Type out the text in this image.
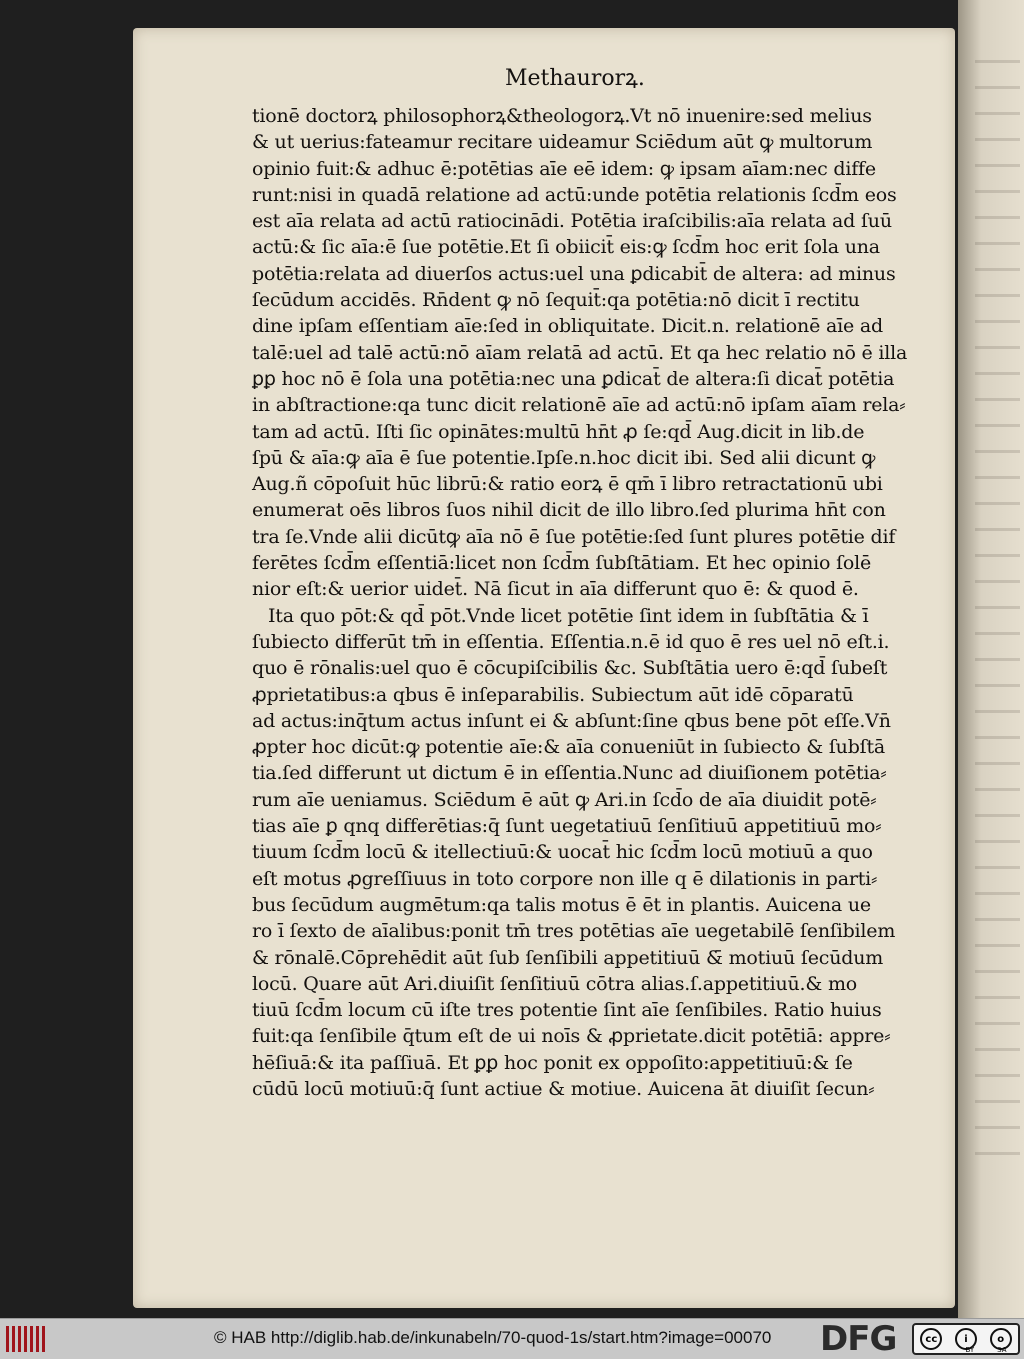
Methaurorꝝ.
tionē doctorꝝ philosophorꝝ&theologorꝝ.Vt nō inuenire:sed melius
& ut uerius:fateamur recitare uideamur Sciēdum aūt ꝙ multorum
opinio fuit:& adhuc ē:potētias aīe eē idem: ꝙ ipsam aīam:nec diffe
runt:nisi in quadā relatione ad actū:unde potētia relationis ſcd̄m eos
est aīa relata ad actū ratiocinādi. Potētia iraſcibilis:aīa relata ad ſuū
actū:& ſic aīa:ē ſue potētie.Et ſi obiicit̄ eis:ꝙ ſcd̄m hoc erit ſola una
potētia:relata ad diuerſos actus:uel una ꝑdicabit̄ de altera: ad minus
ſecūdum accidēs. Rn̄dent ꝙ nō ſequit̄:qa potētia:nō dicit ī rectitu
dine ipſam eſſentiam aīe:ſed in obliquitate. Dicit.n. relationē aīe ad
talē:uel ad talē actū:nō aīam relatā ad actū. Et qa hec relatio nō ē illa
ꝑꝑ hoc nō ē ſola una potētia:nec una ꝑdicat̄ de altera:ſi dicat̄ potētia
in abſtractione:qa tunc dicit relationē aīe ad actū:nō ipſam aīam rela⸗
tam ad actū. Iſti ſic opinātes:multū hn̄t ꝓ ſe:qd̄ Aug.dicit in lib.de
ſpū & aīa:ꝙ aīa ē ſue potentie.Ipſe.n.hoc dicit ibi. Sed alii dicunt ꝙ
Aug.ñ cōpoſuit hūc librū:& ratio eorꝝ ē qm̄ ī libro retractationū ubi
enumerat oēs libros ſuos nihil dicit de illo libro.ſed plurima hn̄t con
tra ſe.Vnde alii dicūtꝙ aīa nō ē ſue potētie:ſed ſunt plures potētie dif
ferētes ſcd̄m eſſentiā:licet non ſcd̄m ſubſtātiam. Et hec opinio ſolē
nior eſt:& uerior uidet̄. Nā ſicut in aīa differunt quo ē: & quod ē.
Ita quo pōt:& qd̄ pōt.Vnde licet potētie ſint idem in ſubſtātia & ī
ſubiecto differūt tm̄ in eſſentia. Eſſentia.n.ē id quo ē res uel nō eſt.i.
quo ē rōnalis:uel quo ē cōcupiſcibilis &c. Subſtātia uero ē:qd̄ ſubeſt
ꝓprietatibus:a qbus ē inſeparabilis. Subiectum aūt idē cōparatū
ad actus:inq̄tum actus inſunt ei & abſunt:ſine qbus bene pōt eſſe.Vn̄
ꝓpter hoc dicūt:ꝙ potentie aīe:& aīa conueniūt in ſubiecto & ſubſtā
tia.ſed differunt ut dictum ē in eſſentia.Nunc ad diuiſionem potētia⸗
rum aīe ueniamus. Sciēdum ē aūt ꝙ Ari.in ſcd̄o de aīa diuidit potē⸗
tias aīe ꝑ qnq differētias:q̄ ſunt uegetatiuū ſenſitiuū appetitiuū mo⸗
tiuum ſcd̄m locū & itellectiuū:& uocat̄ hic ſcd̄m locū motiuū a quo
eſt motus ꝓgreſſiuus in toto corpore non ille q ē dilationis in parti⸗
bus ſecūdum augmētum:qa talis motus ē ēt in plantis. Auicena ue
ro ī ſexto de aīalibus:ponit tm̄ tres potētias aīe uegetabilē ſenſibilem
& rōnalē.Cōprehēdit aūt ſub ſenſibili appetitiuū &̄ motiuū ſecūdum
locū. Quare aūt Ari.diuiſit ſenſitiuū cōtra alias.ſ.appetitiuū.& mo
tiuū ſcd̄m locum cū iſte tres potentie ſint aīe ſenſibiles. Ratio huius
fuit:qa ſenſibile q̄tum eſt de ui noīs & ꝓprietate.dicit potētiā: appre⸗
hēſiuā:& ita paſſiuā. Et ꝑꝑ hoc ponit ex oppoſito:appetitiuū:& ſe
cūdū locū motiuū:q̄ ſunt actiue & motiue. Auicena āt diuiſit ſecun⸗
© HAB http://diglib.hab.de/inkunabeln/70-quod-1s/start.htm?image=00070 DFG	cc	i	o
BY	SA
